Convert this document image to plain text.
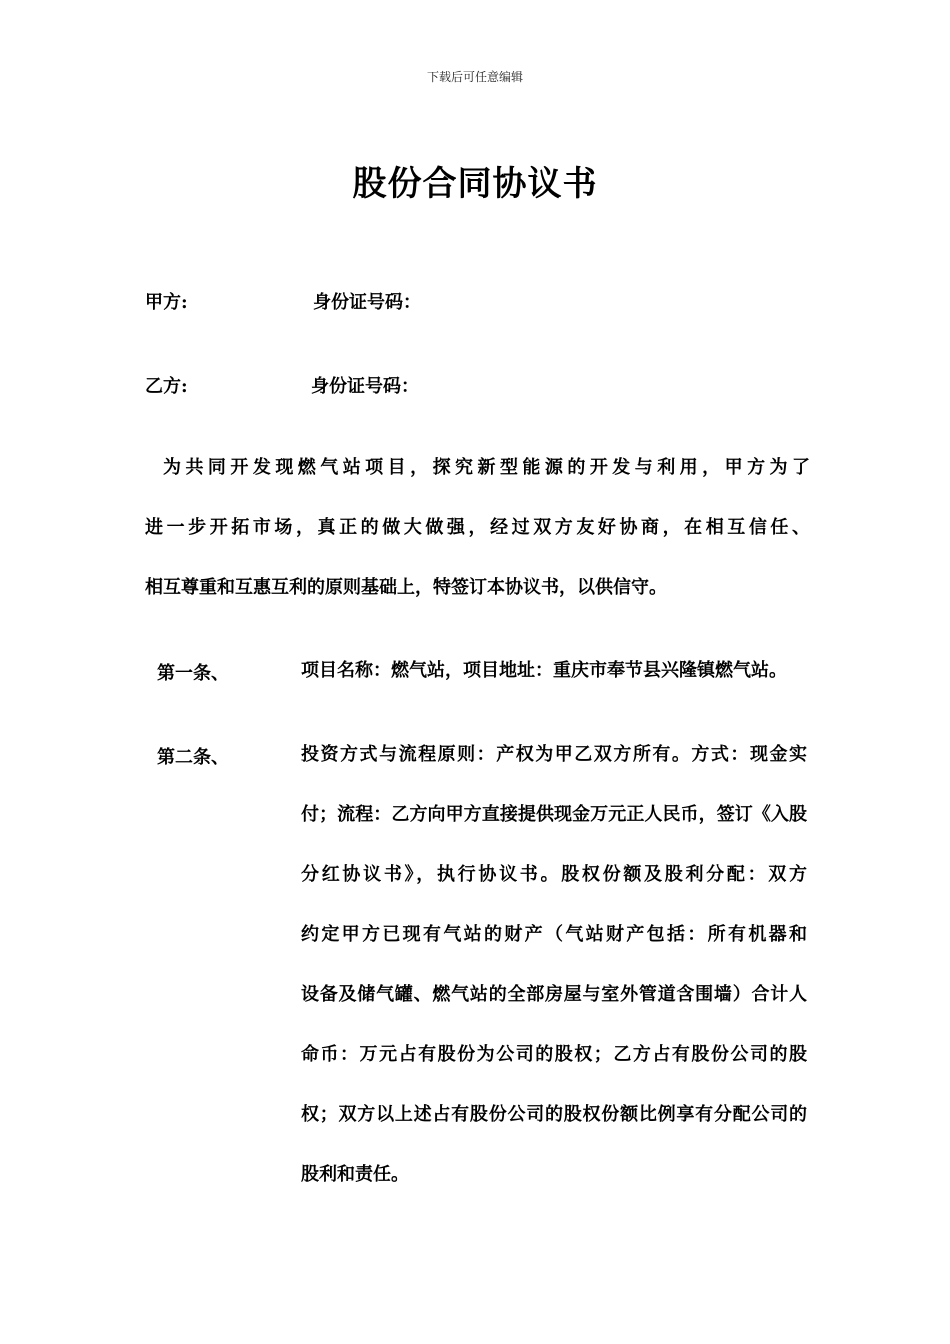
下载后可任意编辑
股份合同协议书
甲方:	身份证号码：
乙方:	身份证号码：
为共同开发现燃气站项目，探究新型能源的开发与利用，甲方为了
进一步开拓市场，真正的做大做强，经过双方友好协商，在相互信任、
相互尊重和互惠互利的原则基础上，特签订本协议书，以供信守。
第一条、	项目名称：燃气站，项目地址：重庆市奉节县兴隆镇燃气站。
第二条、	投资方式与流程原则：产权为甲乙双方所有。方式：现金实
付；流程：乙方向甲方直接提供现金万元正人民币，签订《入股
分红协议书》，执行协议书。股权份额及股利分配：双方
约定甲方已现有气站的财产（气站财产包括：所有机器和
设备及储气罐、燃气站的全部房屋与室外管道含围墙）合计人
命币：万元占有股份为公司的股权；乙方占有股份公司的股
权；双方以上述占有股份公司的股权份额比例享有分配公司的
股利和责任。
